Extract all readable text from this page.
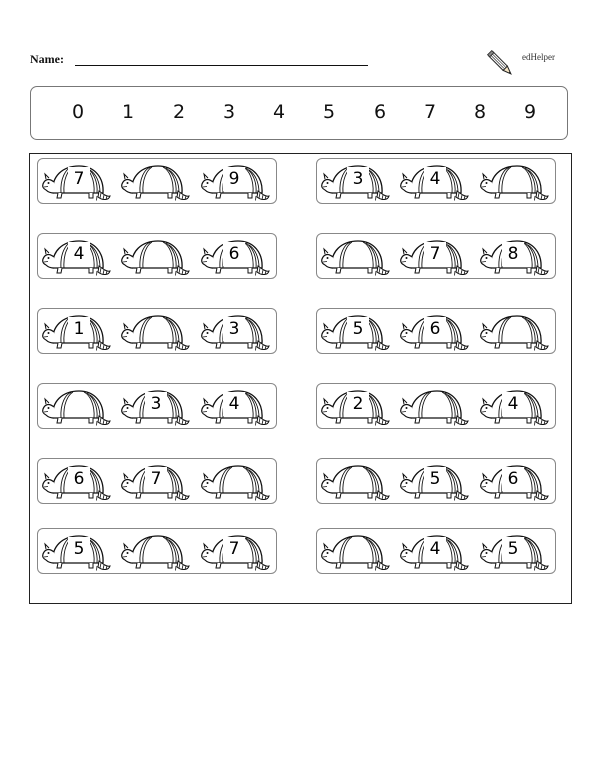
Name:	edHelper
0	1	2	3	4	5	6	7	8	9
7	9	3	4
4	6	7	8
1	3	5	6
3	4	2	4
6	7	5	6
5	7	4	5
